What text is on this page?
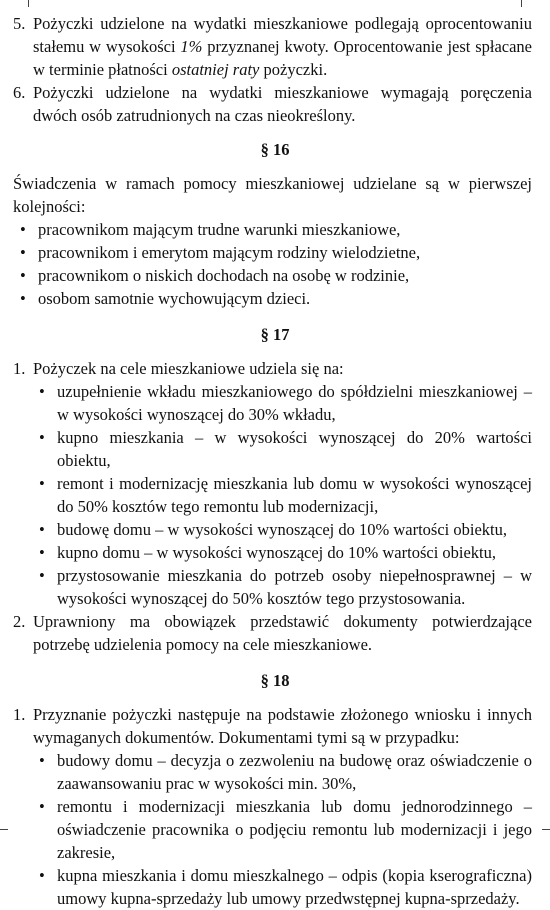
5. Pożyczki udzielone na wydatki mieszkaniowe podlegają oprocentowaniu stałemu w wysokości 1% przyznanej kwoty. Oprocentowanie jest spłacane w terminie płatności ostatniej raty pożyczki.
6. Pożyczki udzielone na wydatki mieszkaniowe wymagają poręczenia dwóch osób zatrudnionych na czas nieokreślony.
§ 16

Świadczenia w ramach pomocy mieszkaniowej udzielane są w pierwszej kolejności:

• pracownikom mającym trudne warunki mieszkaniowe,
• pracownikom i emerytom mającym rodziny wielodzietne,
• pracownikom o niskich dochodach na osobę w rodzinie,
• osobom samotnie wychowującym dzieci.
§ 17
1. Pożyczek na cele mieszkaniowe udziela się na:
• uzupełnienie wkładu mieszkaniowego do spółdzielni mieszkaniowej – w wysokości wynoszącej do 30% wkładu,
• kupno mieszkania – w wysokości wynoszącej do 20% wartości obiektu,
• remont i modernizację mieszkania lub domu w wysokości wynoszącej do 50% kosztów tego remontu lub modernizacji,
• budowę domu – w wysokości wynoszącej do 10% wartości obiektu,
• kupno domu – w wysokości wynoszącej do 10% wartości obiektu,
• przystosowanie mieszkania do potrzeb osoby niepełnosprawnej – w wysokości wynoszącej do 50% kosztów tego przystosowania.
2. Uprawniony ma obowiązek przedstawić dokumenty potwierdzające potrzebę udzielenia pomocy na cele mieszkaniowe.
§ 18
1. Przyznanie pożyczki następuje na podstawie złożonego wniosku i innych wymaganych dokumentów. Dokumentami tymi są w przypadku:
• budowy domu – decyzja o zezwoleniu na budowę oraz oświadczenie o zaawansowaniu prac w wysokości min. 30%,
• remontu i modernizacji mieszkania lub domu jednorodzinnego – oświadczenie pracownika o podjęciu remontu lub modernizacji i jego zakresie,
• kupna mieszkania i domu mieszkalnego – odpis (kopia kserograficzna) umowy kupna-sprzedaży lub umowy przedwstępnej kupna-sprzedaży.
